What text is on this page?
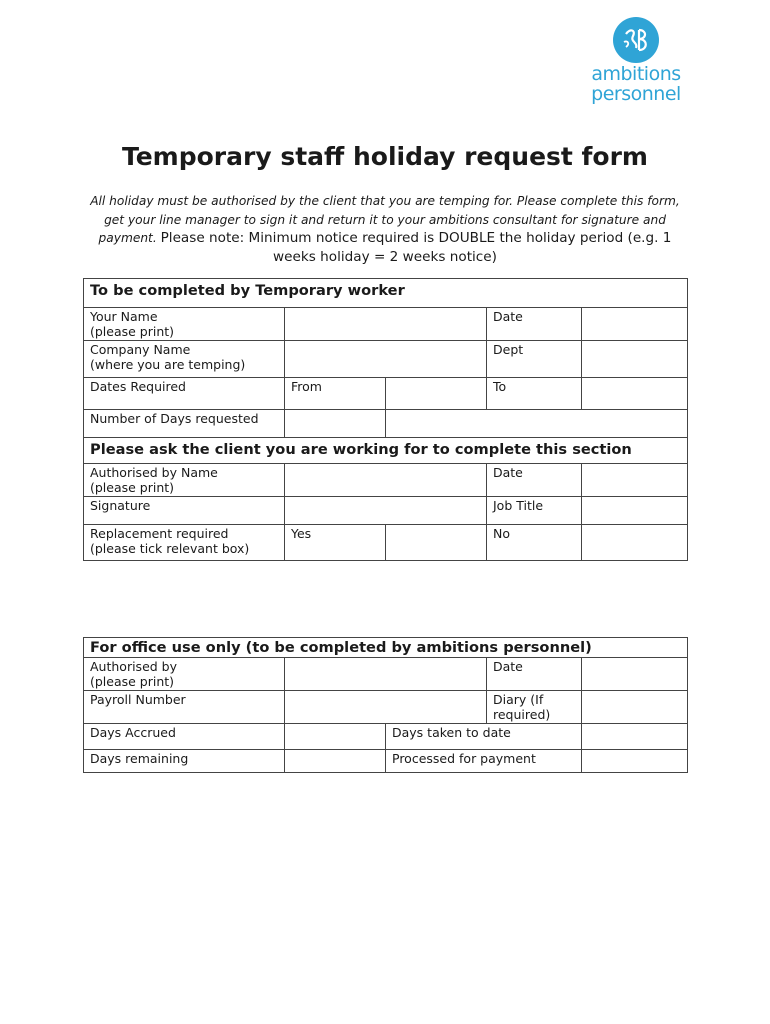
ambitions
personnel
Temporary staff holiday request form
All holiday must be authorised by the client that you are temping for. Please complete this form, get your line manager to sign it and return it to your ambitions consultant for signature and payment. Please note: Minimum notice required is DOUBLE the holiday period (e.g. 1 weeks holiday = 2 weeks notice)
To be completed by Temporary worker				

Your Name
(please print)			Date	

Company Name
(where you are temping)			Dept	
Dates Required	From		To	
Number of Days requested				
Please ask the client you are working for to complete this section				

Authorised by Name
(please print)			Date	
Signature			Job Title	

Replacement required
(please tick relevant box)	Yes		No	
For office use only (to be completed by ambitions personnel)				

Authorised by
(please print)			Date	
Payroll Number			Diary (If
required)	

Days Accrued		Days taken to date		
Days remaining		Processed for payment		
